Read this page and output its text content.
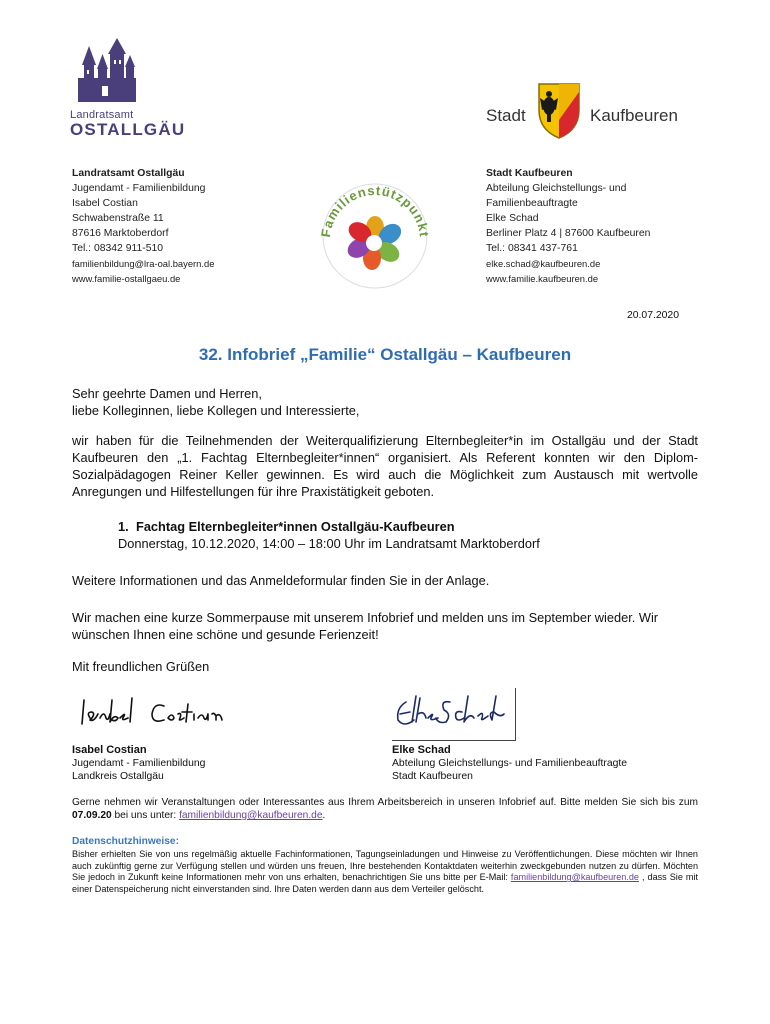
Landratsamt
OSTALLGÄU
Stadt	Kaufbeuren
Landratsamt Ostallgäu
Jugendamt - Familienbildung
Isabel Costian
Schwabenstraße 11
87616 Marktoberdorf
Tel.: 08342 911-510
familienbildung@lra-oal.bayern.de
www.familie-ostallgaeu.de
Familienstützpunkt
Stadt Kaufbeuren
Abteilung Gleichstellungs- und
Familienbeauftragte
Elke Schad
Berliner Platz 4 | 87600 Kaufbeuren
Tel.: 08341 437-761
elke.schad@kaufbeuren.de
www.familie.kaufbeuren.de
20.07.2020
32. Infobrief „Familie“ Ostallgäu – Kaufbeuren
Sehr geehrte Damen und Herren,
liebe Kolleginnen, liebe Kollegen und Interessierte,
wir haben für die Teilnehmenden der Weiterqualifizierung Elternbegleiter*in im Ostallgäu und der Stadt Kaufbeuren den „1. Fachtag Elternbegleiter*innen“ organisiert. Als Referent konnten wir den Diplom-Sozialpädagogen Reiner Keller gewinnen. Es wird auch die Möglichkeit zum Austausch mit wertvolle Anregungen und Hilfestellungen für ihre Praxistätigkeit geboten.
1. Fachtag Elternbegleiter*innen Ostallgäu-Kaufbeuren
Donnerstag, 10.12.2020, 14:00 – 18:00 Uhr im Landratsamt Marktoberdorf
Weitere Informationen und das Anmeldeformular finden Sie in der Anlage.
Wir machen eine kurze Sommerpause mit unserem Infobrief und melden uns im September wieder. Wir wünschen Ihnen eine schöne und gesunde Ferienzeit!
Mit freundlichen Grüßen
Isabel Costian
Jugendamt - Familienbildung
Landkreis Ostallgäu
Elke Schad
Abteilung Gleichstellungs- und Familienbeauftragte
Stadt Kaufbeuren
Gerne nehmen wir Veranstaltungen oder Interessantes aus Ihrem Arbeitsbereich in unseren Infobrief auf. Bitte melden Sie sich bis zum 07.09.20 bei uns unter: familienbildung@kaufbeuren.de.
Datenschutzhinweise:
Bisher erhielten Sie von uns regelmäßig aktuelle Fachinformationen, Tagungseinladungen und Hinweise zu Veröffentlichungen. Diese möchten wir Ihnen auch zukünftig gerne zur Verfügung stellen und würden uns freuen, Ihre bestehenden Kontaktdaten weiterhin zweckgebunden nutzen zu dürfen. Möchten Sie jedoch in Zukunft keine Informationen mehr von uns erhalten, benachrichtigen Sie uns bitte per E-Mail: familienbildung@kaufbeuren.de , dass Sie mit einer Datenspeicherung nicht einverstanden sind. Ihre Daten werden dann aus dem Verteiler gelöscht.
